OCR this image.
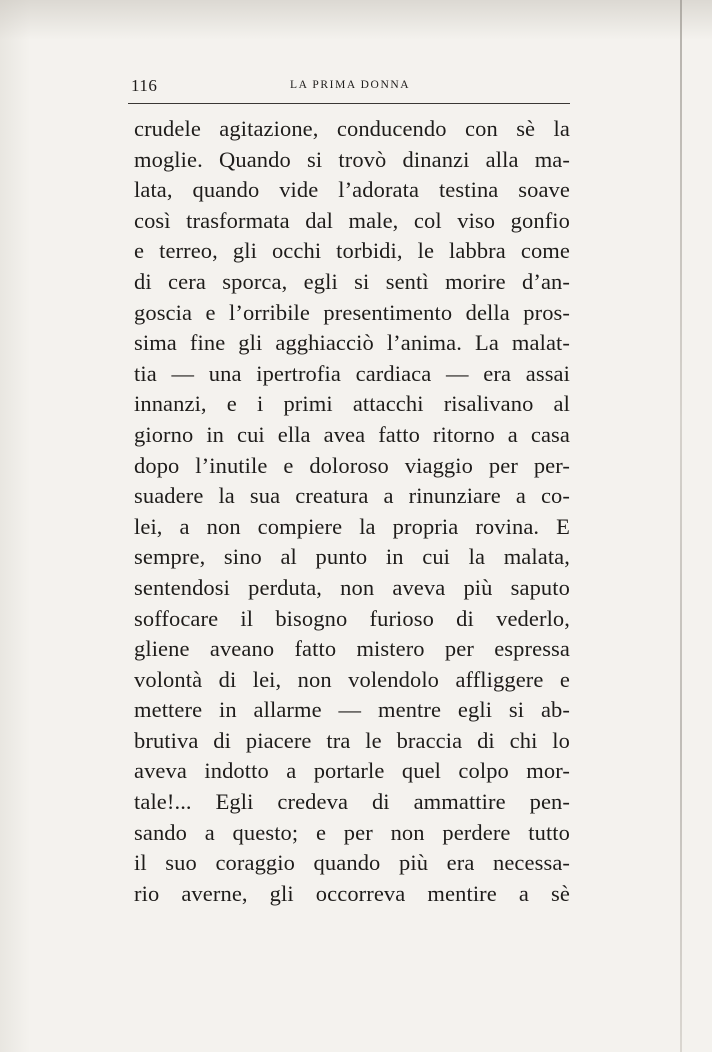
116	LA PRIMA DONNA
crudele agitazione, conducendo con sè la
moglie. Quando si trovò dinanzi alla ma-
lata, quando vide l’adorata testina soave
così trasformata dal male, col viso gonfio
e terreo, gli occhi torbidi, le labbra come
di cera sporca, egli si sentì morire d’an-
goscia e l’orribile presentimento della pros-
sima fine gli agghiacciò l’anima. La malat-
tia — una ipertrofia cardiaca — era assai
innanzi, e i primi attacchi risalivano al
giorno in cui ella avea fatto ritorno a casa
dopo l’inutile e doloroso viaggio per per-
suadere la sua creatura a rinunziare a co-
lei, a non compiere la propria rovina. E
sempre, sino al punto in cui la malata,
sentendosi perduta, non aveva più saputo
soffocare il bisogno furioso di vederlo,
gliene aveano fatto mistero per espressa
volontà di lei, non volendolo affliggere e
mettere in allarme — mentre egli si ab-
brutiva di piacere tra le braccia di chi lo
aveva indotto a portarle quel colpo mor-
tale!... Egli credeva di ammattire pen-
sando a questo; e per non perdere tutto
il suo coraggio quando più era necessa-
rio averne, gli occorreva mentire a sè
